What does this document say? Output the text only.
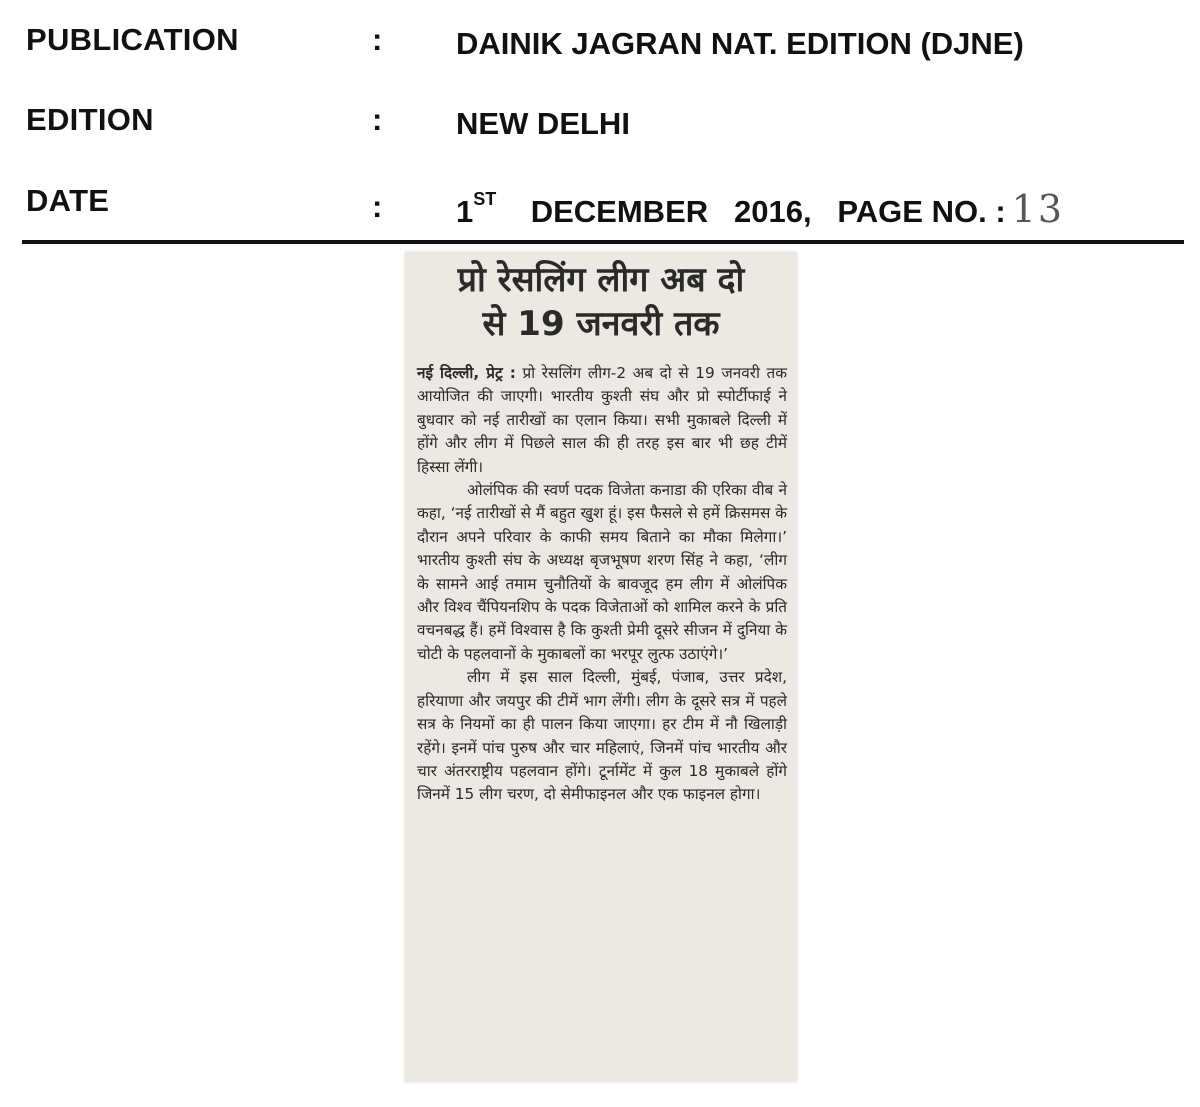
PUBLICATION	: DAINIK JAGRAN NAT. EDITION (DJNE)
EDITION	: NEW DELHI
DATE	: 1ST DECEMBER   2016, PAGE NO. : 13
प्रो रेसलिंग लीग अब दो
से 19 जनवरी तक

नई दिल्ली, प्रेट्र : प्रो रेसलिंग लीग-2 अब दो से 19 जनवरी तक आयोजित की जाएगी। भारतीय कुश्ती संघ और प्रो स्पोर्टीफाई ने बुधवार को नई तारीखों का एलान किया। सभी मुकाबले दिल्ली में होंगे और लीग में पिछले साल की ही तरह इस बार भी छह टीमें हिस्सा लेंगी।

ओलंपिक की स्वर्ण पदक विजेता कनाडा की एरिका वीब ने कहा, ‘नई तारीखों से मैं बहुत खुश हूं। इस फैसले से हमें क्रिसमस के दौरान अपने परिवार के काफी समय बिताने का मौका मिलेगा।’ भारतीय कुश्ती संघ के अध्यक्ष बृजभूषण शरण सिंह ने कहा, ‘लीग के सामने आई तमाम चुनौतियों के बावजूद हम लीग में ओलंपिक और विश्व चैंपियनशिप के पदक विजेताओं को शामिल करने के प्रति वचनबद्ध हैं। हमें विश्वास है कि कुश्ती प्रेमी दूसरे सीजन में दुनिया के चोटी के पहलवानों के मुकाबलों का भरपूर लुत्फ उठाएंगे।’

लीग में इस साल दिल्ली, मुंबई, पंजाब, उत्तर प्रदेश, हरियाणा और जयपुर की टीमें भाग लेंगी। लीग के दूसरे सत्र में पहले सत्र के नियमों का ही पालन किया जाएगा। हर टीम में नौ खिलाड़ी रहेंगे। इनमें पांच पुरुष और चार महिलाएं, जिनमें पांच भारतीय और चार अंतरराष्ट्रीय पहलवान होंगे। टूर्नामेंट में कुल 18 मुकाबले होंगे जिनमें 15 लीग चरण, दो सेमीफाइनल और एक फाइनल होगा।
